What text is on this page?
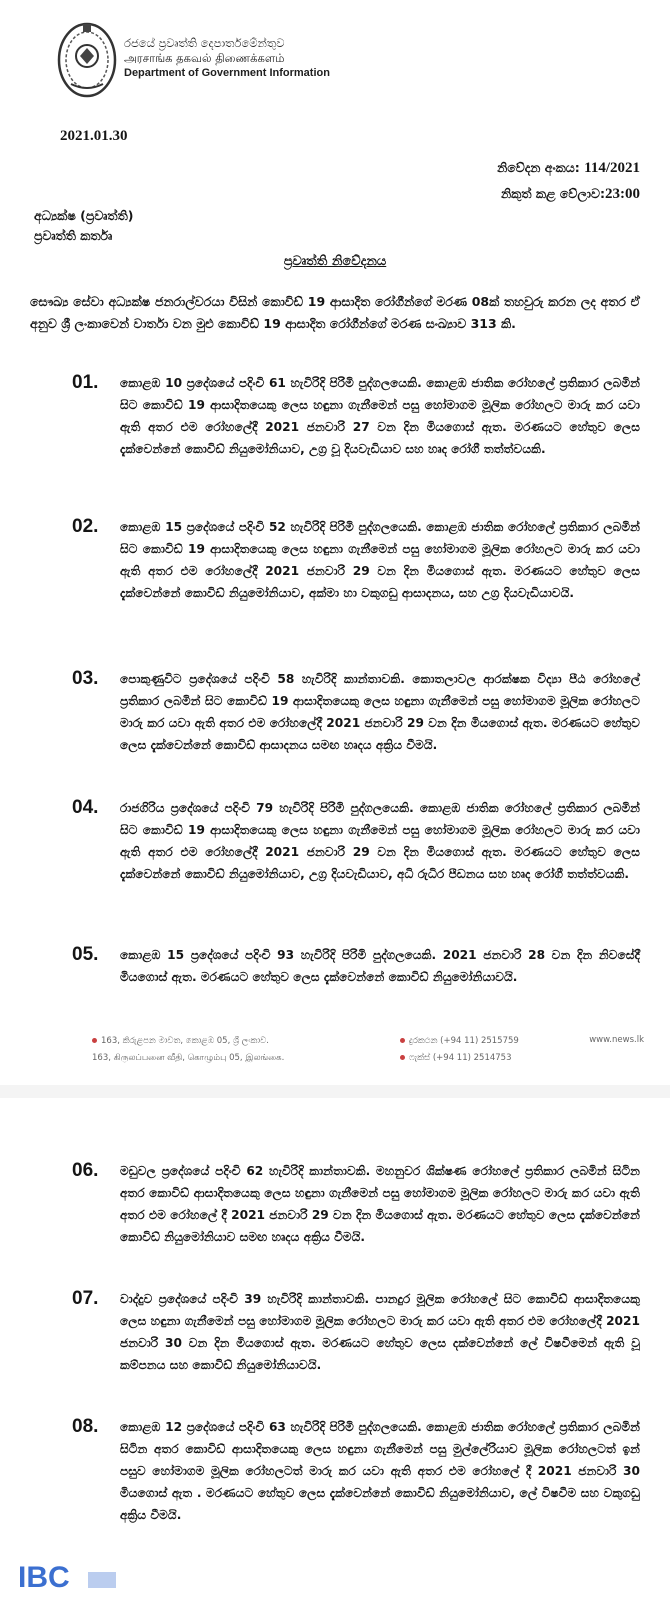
රජයේ ප්‍රවෘත්ති දෙපාර්තමේන්තුව
அரசாங்க தகவல் திணைக்களம்
Department of Government Information
2021.01.30
නිවේදන අංකය: 114/2021
නිකුත් කළ වේලාව:23:00
අධ්‍යක්ෂ (ප්‍රවෘත්ති)
ප්‍රවෘත්ති කර්තෘ
ප්‍රවෘත්ති නිවේදනය
සෞඛ්‍ය සේවා අධ්‍යක්ෂ ජනරාල්වරයා විසින් කොවිඩ් 19 ආසාදිත රෝගීන්ගේ මරණ 08ක් තහවුරු කරන ලද අතර ඒ අනුව ශ්‍රී ලංකාවෙන් වාර්තා වන මුළු කොවිඩ් 19 ආසාදිත රෝගීන්ගේ මරණ සංඛ්‍යාව 313 කි.
01. කොළඹ 10 ප්‍රදේශයේ පදිංචි 61 හැවිරිදි පිරිමි පුද්ගලයෙකි. කොළඹ ජාතික රෝහලේ ප්‍රතිකාර ලබමින් සිට කොවිඩ් 19 ආසාදිතයෙකු ලෙස හඳුනා ගැනීමෙන් පසු හෝමාගම මූලික රෝහලට මාරු කර යවා ඇති අතර එම රෝහලේදී 2021 ජනවාරි 27 වන දින මියගොස් ඇත. මරණයට හේතුව ලෙස දැක්වෙන්නේ කොවිඩ් නියුමෝනියාව, උග්‍ර වූ දියවැඩියාව සහ හෘද රෝගී තත්ත්වයකි.
02. කොළඹ 15 ප්‍රදේශයේ පදිංචි 52 හැවිරිදි පිරිමි පුද්ගලයෙකි. කොළඹ ජාතික රෝහලේ ප්‍රතිකාර ලබමින් සිට කොවිඩ් 19 ආසාදිතයෙකු ලෙස හඳුනා ගැනීමෙන් පසු හෝමාගම මූලික රෝහලට මාරු කර යවා ඇති අතර එම රෝහලේදී 2021 ජනවාරි 29 වන දින මියගොස් ඇත. මරණයට හේතුව ලෙස දැක්වෙන්නේ කොවිඩ් නියුමෝනියාව, අක්මා හා වකුගඩු ආසාදනය, සහ උග්‍ර දියවැඩියාවයි.
03. පොකුණුවිට ප්‍රදේශයේ පදිංචි 58 හැවිරිදි කාන්තාවකි. කොතලාවල ආරක්ෂක විද්‍යා පීඨ රෝහලේ ප්‍රතිකාර ලබමින් සිට කොවිඩ් 19 ආසාදිතයෙකු ලෙස හඳුනා ගැනීමෙන් පසු හෝමාගම මූලික රෝහලට මාරු කර යවා ඇති අතර එම රෝහලේදී 2021 ජනවාරි 29 වන දින මියගොස් ඇත. මරණයට හේතුව ලෙස දැක්වෙන්නේ කොවිඩ් ආසාදනය සමඟ හෘදය අක්‍රිය වීමයි.
04. රාජගිරිය ප්‍රදේශයේ පදිංචි 79 හැවිරිදි පිරිමි පුද්ගලයෙකි. කොළඹ ජාතික රෝහලේ ප්‍රතිකාර ලබමින් සිට කොවිඩ් 19 ආසාදිතයෙකු ලෙස හඳුනා ගැනීමෙන් පසු හෝමාගම මූලික රෝහලට මාරු කර යවා ඇති අතර එම රෝහලේදී 2021 ජනවාරි 29 වන දින මියගොස් ඇත. මරණයට හේතුව ලෙස දැක්වෙන්නේ කොවිඩ් නියුමෝනියාව, උග්‍ර දියවැඩියාව, අධි රුධිර පීඩනය සහ හෘද රෝගී තත්ත්වයකි.
05. කොළඹ 15 ප්‍රදේශයේ පදිංචි 93 හැවිරිදි පිරිමි පුද්ගලයෙකි. 2021 ජනවාරි 28 වන දින නිවසේදී මියගොස් ඇත. මරණයට හේතුව ලෙස දැක්වෙන්නේ කොවිඩ් නියුමෝනියාවයි.
163, කිරුළපන මාවත, කොළඹ 05, ශ්‍රී ලංකාව.
163, கிருலப்பனை வீதி, கொழும்பு 05, இலங்கை.
දුරකථන (+94 11) 2515759
ෆැක්ස් (+94 11) 2514753
www.news.lk
06. මඩුවල ප්‍රදේශයේ පදිංචි 62 හැවිරිදි කාන්තාවකි. මහනුවර ශික්ෂණ රෝහලේ ප්‍රතිකාර ලබමින් සිටින අතර කොවිඩ් ආසාදිතයෙකු ලෙස හඳුනා ගැනීමෙන් පසු හෝමාගම මූලික රෝහලට මාරු කර යවා ඇති අතර එම රෝහලේ දී 2021 ජනවාරි 29 වන දින මියගොස් ඇත. මරණයට හේතුව ලෙස දැක්වෙන්නේ කොවිඩ් නියුමෝනියාව සමඟ හෘදය අක්‍රිය වීමයි.
07. වාද්දුව ප්‍රදේශයේ පදිංචි 39 හැවිරිදි කාන්තාවකි. පානදුර මූලික රෝහලේ සිට කොවිඩ් ආසාදිතයෙකු ලෙස හඳුනා ගැනීමෙන් පසු හෝමාගම මූලික රෝහලට මාරු කර යවා ඇති අතර එම රෝහලේදී 2021 ජනවාරි 30 වන දින මියගොස් ඇත. මරණයට හේතුව ලෙස දක්වෙන්නේ ලේ විෂවීමෙන් ඇති වූ කම්පනය සහ කොවිඩ් නියුමෝනියාවයි.
08. කොළඹ 12 ප්‍රදේශයේ පදිංචි 63 හැවිරිදි පිරිමි පුද්ගලයෙකි. කොළඹ ජාතික රෝහලේ ප්‍රතිකාර ලබමින් සිටින අතර කොවිඩ් ආසාදිතයෙකු ලෙස හඳුනා ගැනීමෙන් පසු මුල්ලේරියාව මූලික රෝහලටත් ඉන් පසුව හෝමාගම මූලික රෝහලටත් මාරු කර යවා ඇති අතර එම රෝහලේ දී 2021 ජනවාරි 30 මියගොස් ඇත . මරණයට හේතුව ලෙස දැක්වෙන්නේ කොවිඩ් නියුමෝනියාව, ලේ විෂවීම සහ වකුගඩු අක්‍රිය වීමයි.
IBC
